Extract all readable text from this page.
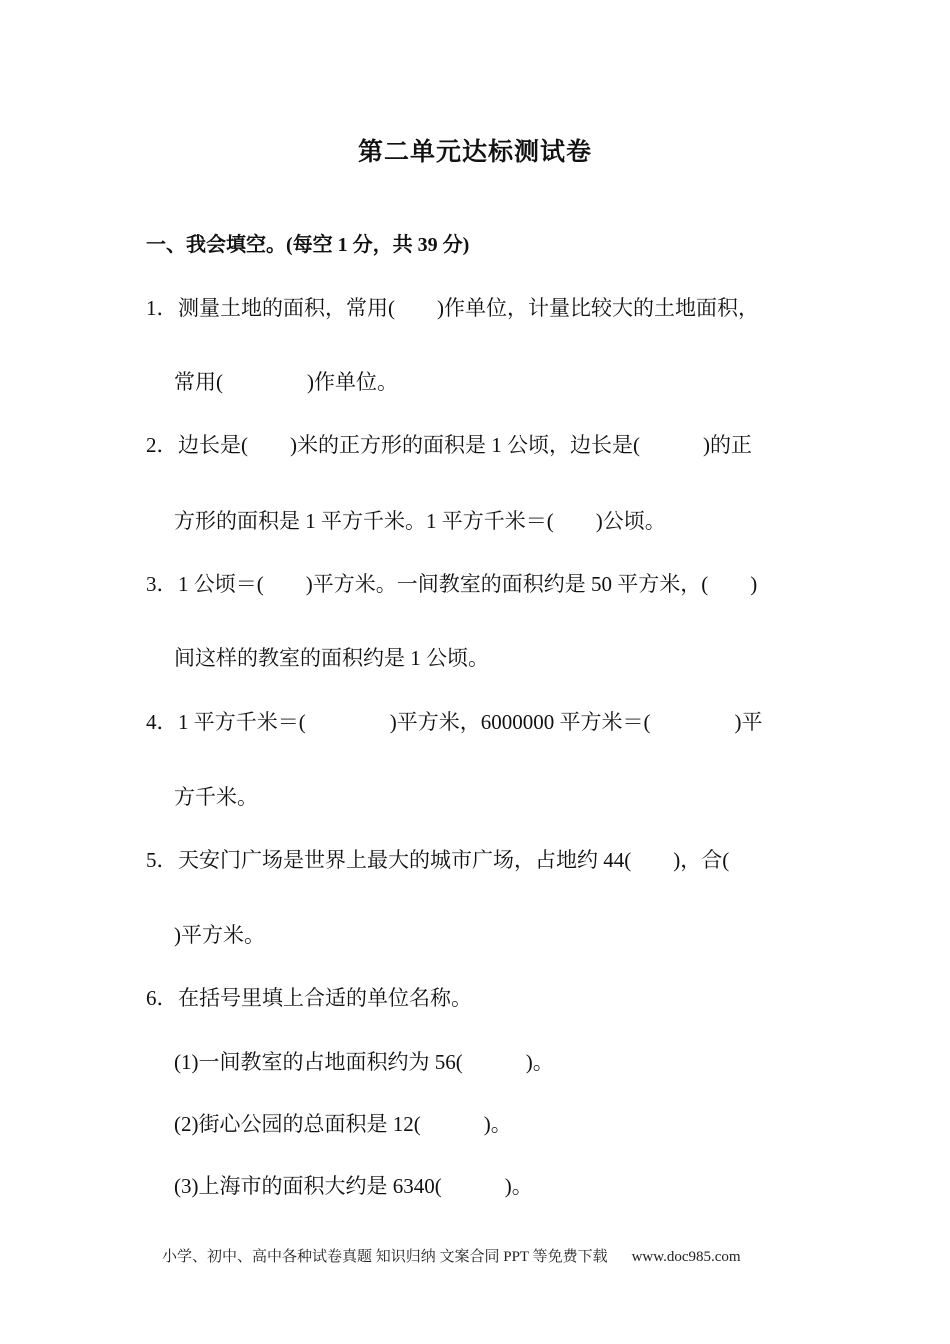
第二单元达标测试卷
一、我会填空。(每空 1 分，共 39 分)
1．测量土地的面积，常用(　　)作单位，计量比较大的土地面积，
常用(　　　　)作单位。
2．边长是(　　)米的正方形的面积是 1 公顷，边长是(　　　)的正
方形的面积是 1 平方千米。1 平方千米＝(　　)公顷。
3．1 公顷＝(　　)平方米。一间教室的面积约是 50 平方米，(　　)
间这样的教室的面积约是 1 公顷。
4．1 平方千米＝(　　　　)平方米，6000000 平方米＝(　　　　)平
方千米。
5．天安门广场是世界上最大的城市广场，占地约 44(　　)，合(
)平方米。
6．在括号里填上合适的单位名称。
(1)一间教室的占地面积约为 56(　　　)。
(2)街心公园的总面积是 12(　　　)。
(3)上海市的面积大约是 6340(　　　)。
小学、初中、高中各种试卷真题 知识归纳 文案合同 PPT 等免费下载 www.doc985.com
